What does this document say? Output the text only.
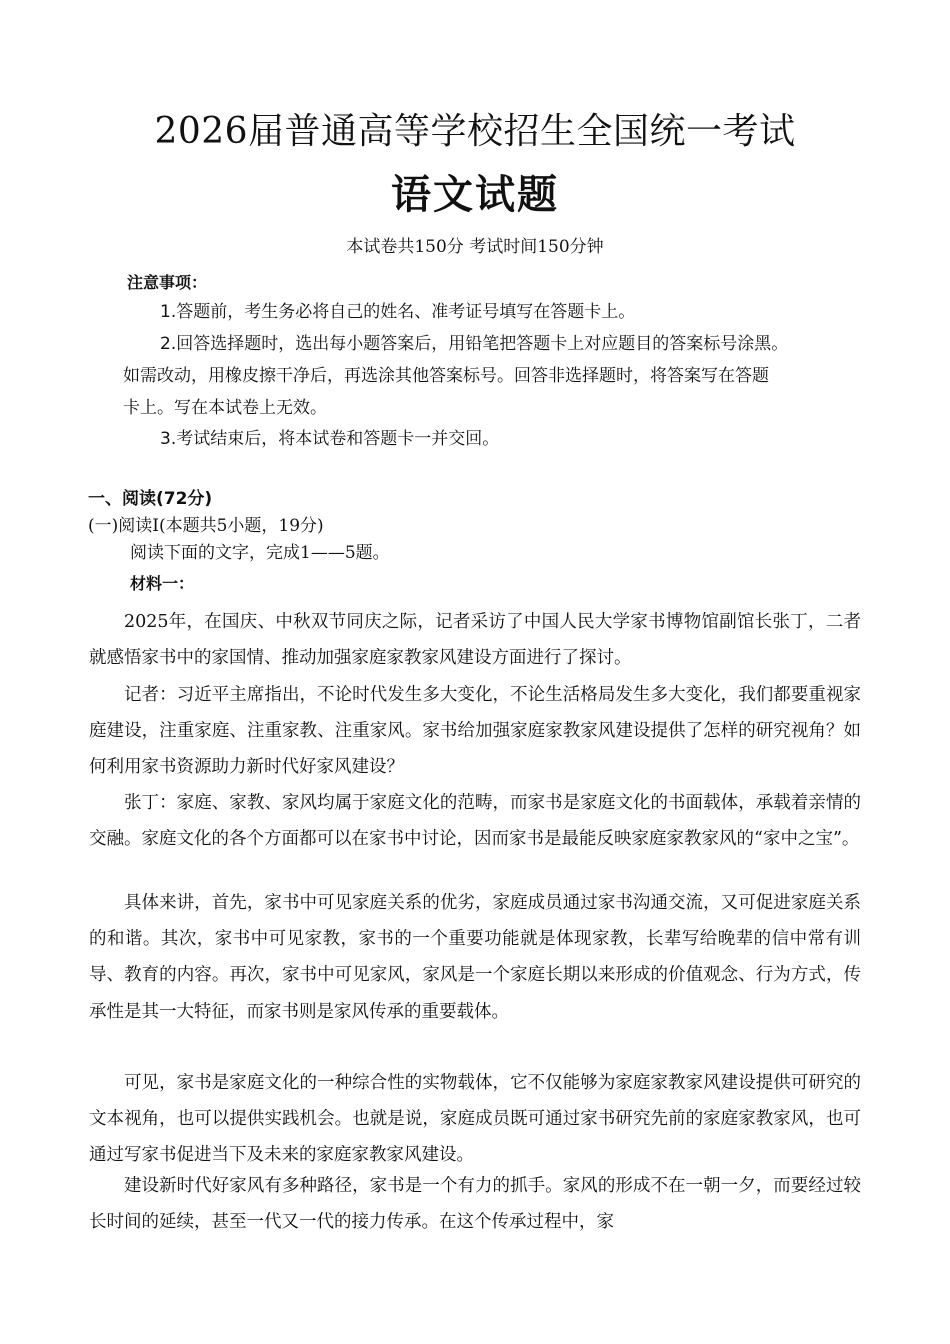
2026届普通高等学校招生全国统一考试
语文试题
本试卷共150分 考试时间150分钟
注意事项：
1.答题前，考生务必将自己的姓名、准考证号填写在答题卡上。
2.回答选择题时，选出每小题答案后，用铅笔把答题卡上对应题目的答案标号涂黑。
如需改动，用橡皮擦干净后，再选涂其他答案标号。回答非选择题时，将答案写在答题
卡上。写在本试卷上无效。
3.考试结束后，将本试卷和答题卡一并交回。
一、阅读(72分)
(一)阅读Ⅰ(本题共5小题，19分)
阅读下面的文字，完成1——5题。
材料一：
2025年，在国庆、中秋双节同庆之际，记者采访了中国人民大学家书博物馆副馆长张丁，二者就感悟家书中的家国情、推动加强家庭家教家风建设方面进行了探讨。
记者：习近平主席指出，不论时代发生多大变化，不论生活格局发生多大变化，我们都要重视家庭建设，注重家庭、注重家教、注重家风。家书给加强家庭家教家风建设提供了怎样的研究视角？如何利用家书资源助力新时代好家风建设？
张丁：家庭、家教、家风均属于家庭文化的范畴，而家书是家庭文化的书面载体，承载着亲情的交融。家庭文化的各个方面都可以在家书中讨论，因而家书是最能反映家庭家教家风的“家中之宝”。
具体来讲，首先，家书中可见家庭关系的优劣，家庭成员通过家书沟通交流，又可促进家庭关系的和谐。其次，家书中可见家教，家书的一个重要功能就是体现家教，长辈写给晚辈的信中常有训导、教育的内容。再次，家书中可见家风，家风是一个家庭长期以来形成的价值观念、行为方式，传承性是其一大特征，而家书则是家风传承的重要载体。
可见，家书是家庭文化的一种综合性的实物载体，它不仅能够为家庭家教家风建设提供可研究的文本视角，也可以提供实践机会。也就是说，家庭成员既可通过家书研究先前的家庭家教家风，也可通过写家书促进当下及未来的家庭家教家风建设。
建设新时代好家风有多种路径，家书是一个有力的抓手。家风的形成不在一朝一夕，而要经过较长时间的延续，甚至一代又一代的接力传承。在这个传承过程中，家
